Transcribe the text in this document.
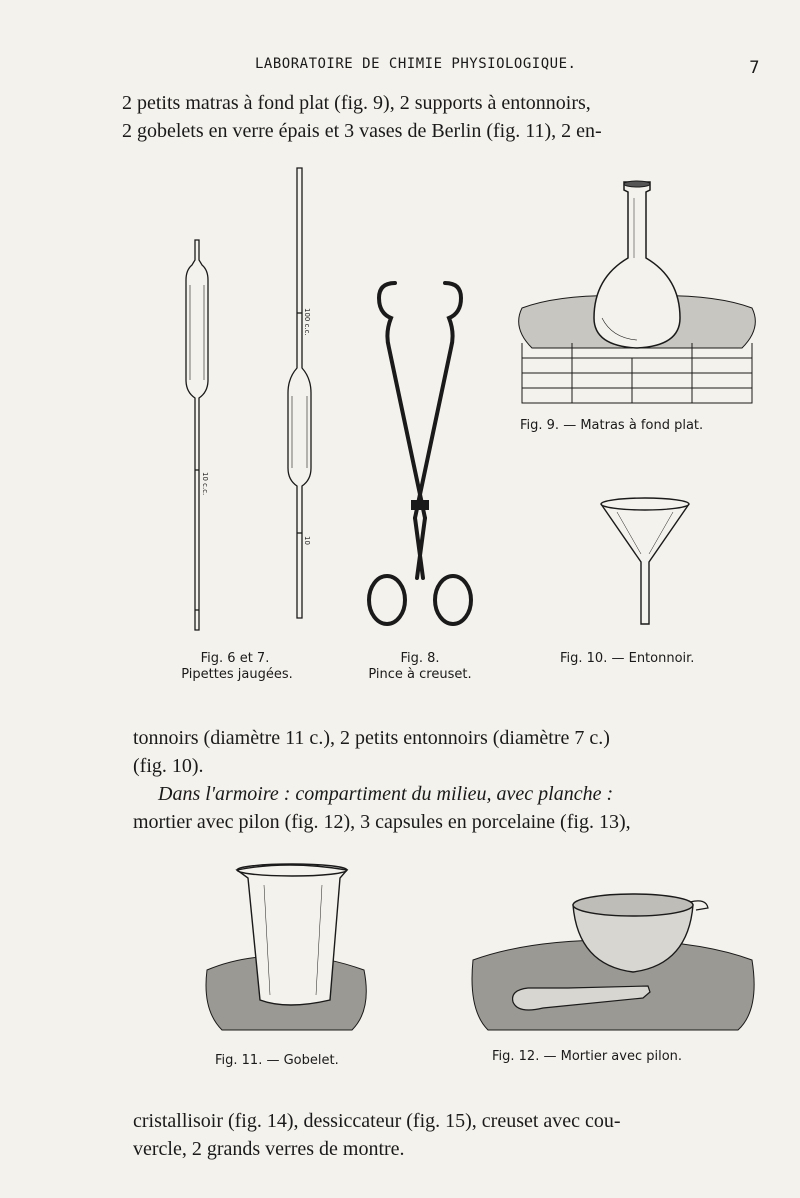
LABORATOIRE DE CHIMIE PHYSIOLOGIQUE.	7
2 petits matras à fond plat (fig. 9), 2 supports à entonnoirs,
2 gobelets en verre épais et 3 vases de Berlin (fig. 11), 2 en-
10 c.c.
100 c.c.
10
Fig. 9. — Matras à fond plat.
Fig. 6 et 7.
Pipettes jaugées.
Fig. 8.
Pince à creuset.
Fig. 10. — Entonnoir.
tonnoirs (diamètre 11 c.), 2 petits entonnoirs (diamètre 7 c.)
(fig. 10).
Dans l'armoire : compartiment du milieu, avec planche :
mortier avec pilon (fig. 12), 3 capsules en porcelaine (fig. 13),
Fig. 11. — Gobelet.	Fig. 12. — Mortier avec pilon.
cristallisoir (fig. 14), dessiccateur (fig. 15), creuset avec cou-
vercle, 2 grands verres de montre.
